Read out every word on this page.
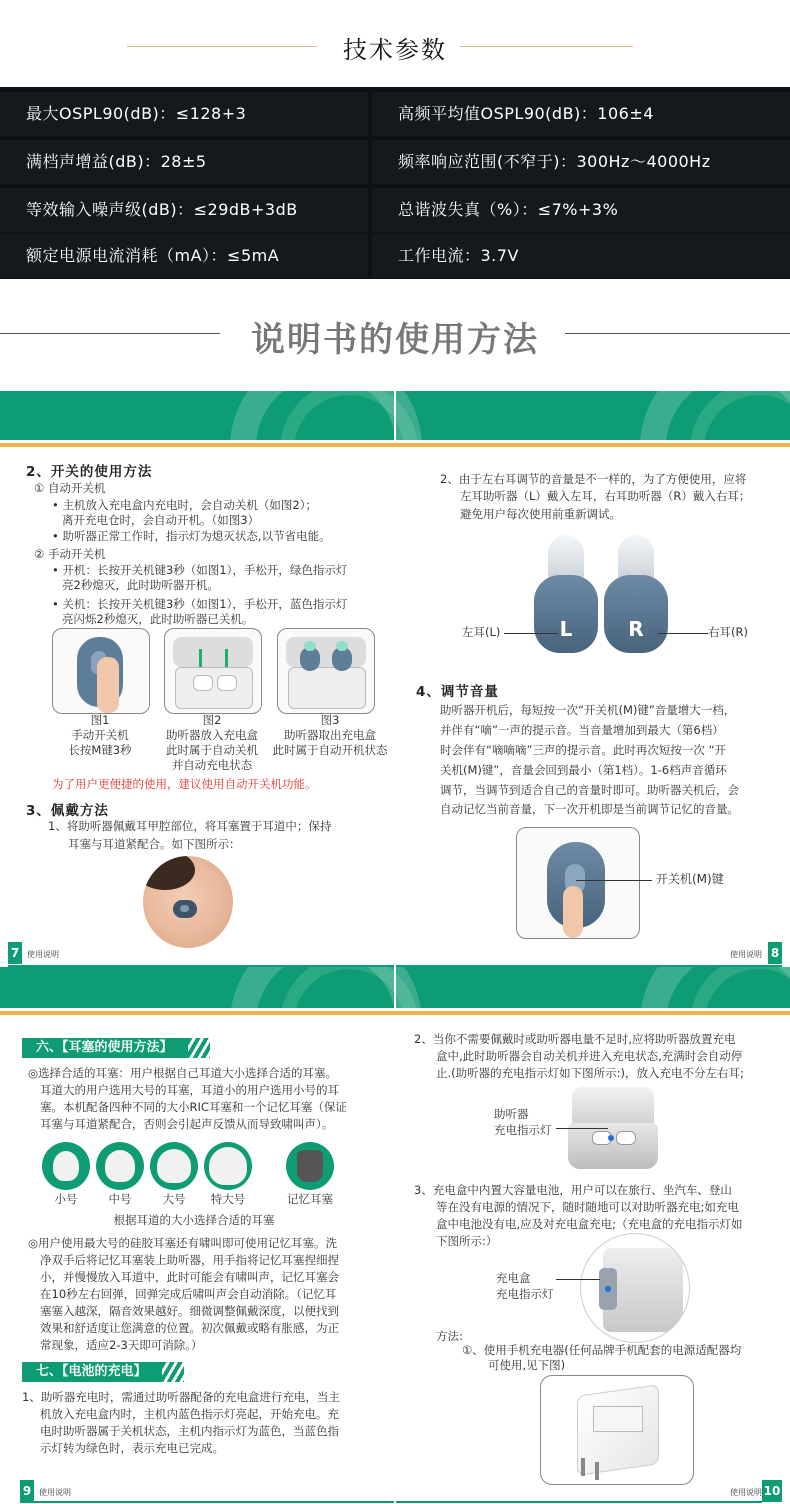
技术参数
最大OSPL90(dB)：≤128+3	高频平均值OSPL90(dB)：106±4
满档声增益(dB)：28±5	频率响应范围(不窄于)：300Hz～4000Hz
等效输入噪声级(dB)：≤29dB+3dB	总谐波失真（%）：≤7%+3%
额定电源电流消耗（mA）：≤5mA	工作电流：3.7V
说明书的使用方法
2、开关的使用方法
① 自动开关机
• 主机放入充电盒内充电时，会自动关机（如图2）；
离开充电仓时，会自动开机。（如图3）
• 助听器正常工作时，指示灯为熄灭状态,以节省电能。
② 手动开关机
• 开机：长按开关机键3秒（如图1），手松开，绿色指示灯
亮2秒熄灭，此时助听器开机。
• 关机：长按开关机键3秒（如图1），手松开，蓝色指示灯
亮闪烁2秒熄灭，此时助听器已关机。
图1
手动开关机
长按M键3秒
图2
助听器放入充电盒
此时属于自动关机
并自动充电状态
图3
助听器取出充电盒
此时属于自动开机状态
为了用户更便捷的使用，建议使用自动开关机功能。
3、佩戴方法
1、将助听器佩戴耳甲腔部位，将耳塞置于耳道中；保持
耳塞与耳道紧配合。如下图所示：
7 使用说明
2、由于左右耳调节的音量是不一样的，为了方便使用，应将
左耳助听器（L）戴入左耳，右耳助听器（R）戴入右耳；
避免用户每次使用前重新调试。
L	R
左耳(L)	右耳(R)
4、调节音量
助听器开机后，每短按一次“开关机(M)键”音量增大一档，
并伴有“嘀”一声的提示音。当音量增加到最大（第6档）
时会伴有“嘀嘀嘀”三声的提示音。此时再次短按一次 “开
关机(M)键”，音量会回到最小（第1档）。1-6档声音循环
调节，当调节到适合自己的音量时即可。助听器关机后，会
自动记忆当前音量，下一次开机即是当前调节记忆的音量。
开关机(M)键
使用说明 8
六、【耳塞的使用方法】
◎选择合适的耳塞：用户根据自己耳道大小选择合适的耳塞。
耳道大的用户选用大号的耳塞，耳道小的用户选用小号的耳
塞。本机配备四种不同的大小RIC耳塞和一个记忆耳塞（保证
耳塞与耳道紧配合，否则会引起声反馈从而导致啸叫声）。
小号	中号	大号	特大号	记忆耳塞
根据耳道的大小选择合适的耳塞
◎用户使用最大号的硅胶耳塞还有啸叫即可使用记忆耳塞。洗
净双手后将记忆耳塞装上助听器，用手指将记忆耳塞捏细捏
小，并慢慢放入耳道中，此时可能会有啸叫声，记忆耳塞会
在10秒左右回弹，回弹完成后啸叫声会自动消除。（记忆耳
塞塞入越深，隔音效果越好。细微调整佩戴深度，以便找到
效果和舒适度让您满意的位置。初次佩戴或略有胀感，为正
常现象，适应2-3天即可消除。）
七、【电池的充电】
1、助听器充电时，需通过助听器配备的充电盒进行充电，当主
机放入充电盒内时，主机内蓝色指示灯亮起，开始充电。充
电时助听器属于关机状态，主机内指示灯为蓝色，当蓝色指
示灯转为绿色时，表示充电已完成。
9 使用说明
2、当你不需要佩戴时或助听器电量不足时,应将助听器放置充电
盒中,此时助听器会自动关机并进入充电状态,充满时会自动停
止.(助听器的充电指示灯如下图所示:)，放入充电不分左右耳;
助听器
充电指示灯
3、充电盒中内置大容量电池，用户可以在旅行、坐汽车、登山
等在没有电源的情况下，随时随地可以对助听器充电;如充电
盒中电池没有电,应及对充电盒充电;（充电盒的充电指示灯如
下图所示:）
充电盒
充电指示灯
方法:
①、使用手机充电器(任何品牌手机配套的电源适配器均
可使用,见下图)
使用说明 10
